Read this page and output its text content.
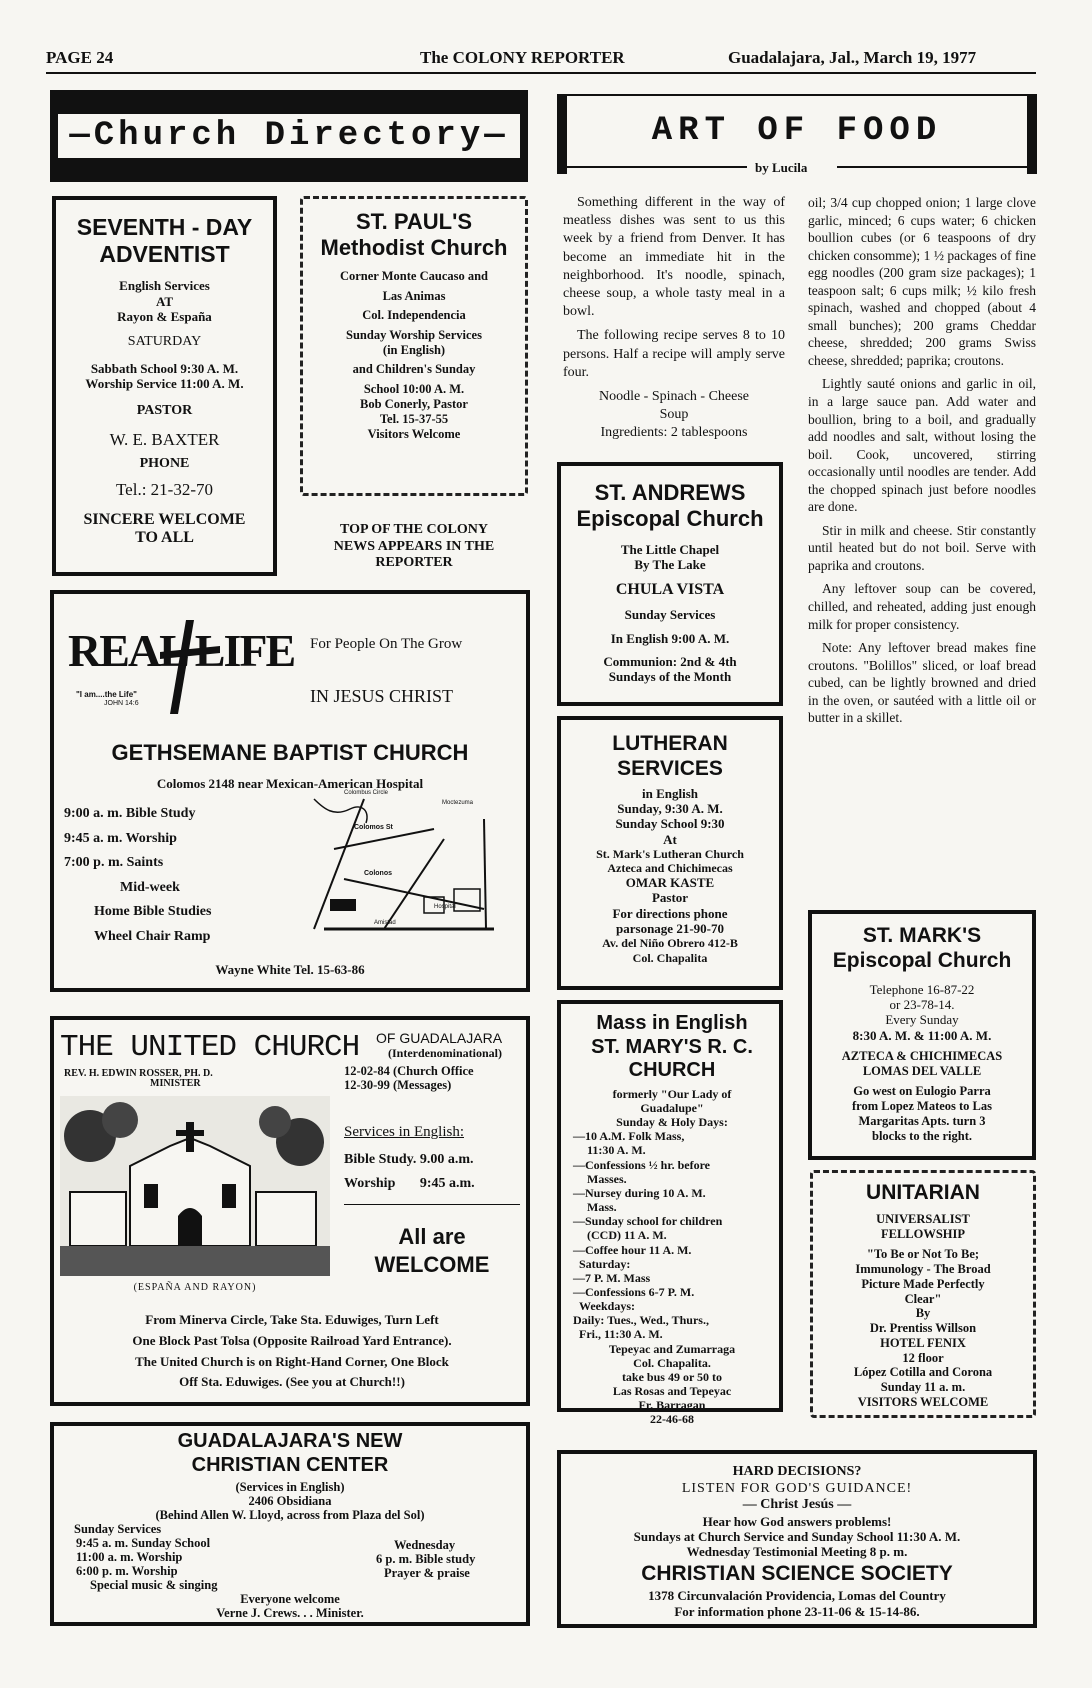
PAGE 24	The COLONY REPORTER	Guadalajara, Jal., March 19, 1977
—Church Directory—
SEVENTH - DAY
ADVENTIST
English Services
AT
Rayon & España
SATURDAY
Sabbath School 9:30 A. M.
Worship Service 11:00 A. M.
PASTOR
W. E. BAXTER
PHONE
Tel.: 21-32-70
SINCERE WELCOME
TO ALL
ST. PAUL'S
Methodist Church
Corner Monte Caucaso and
Las Animas
Col. Independencia
Sunday Worship Services
(in English)
and Children's Sunday
School 10:00 A. M.
Bob Conerly, Pastor
Tel. 15-37-55
Visitors Welcome
TOP OF THE COLONY
NEWS APPEARS IN THE
REPORTER
REAL LIFE
"I am....the Life"
JOHN 14:6
For People On The Grow
IN JESUS CHRIST
GETHSEMANE BAPTIST CHURCH
Colomos 2148 near Mexican-American Hospital
9:00 a. m. Bible Study
9:45 a. m. Worship
7:00 p. m. Saints
Mid-week
Home Bible Studies
Wheel Chair Ramp
Colombus Circle
Colomos St
Moctezuma
Hospital
Colonos
Amistad
Wayne White Tel. 15-63-86
THE UNITED CHURCH OF GUADALAJARA
(Interdenominational)
REV. H. EDWIN ROSSER, PH. D.
MINISTER
12-02-84 (Church Office
12-30-99 (Messages)
Services in English:
Bible Study. 9.00 a.m.
Worship       9:45 a.m.
All are
WELCOME
(ESPAÑA AND RAYON)
From Minerva Circle, Take Sta. Eduwiges, Turn Left
One Block Past Tolsa (Opposite Railroad Yard Entrance).
The United Church is on Right-Hand Corner, One Block
Off Sta. Eduwiges. (See you at Church!!)
GUADALAJARA'S NEW
CHRISTIAN CENTER
(Services in English)
2406 Obsidiana
(Behind Allen W. Lloyd, across from Plaza del Sol)
Sunday Services
9:45 a. m. Sunday School
11:00 a. m. Worship
6:00 p. m. Worship
Special music & singing
Wednesday
6 p. m. Bible study
Prayer & praise
Everyone welcome
Verne J. Crews. . . Minister.
ART OF FOOD
by Lucila

Something different in the way of meatless dishes was sent to us this week by a friend from Denver. It has become an immediate hit in the neighborhood. It's noodle, spinach, cheese soup, a whole tasty meal in a bowl.

The following recipe serves 8 to 10 persons. Half a recipe will amply serve four.

Noodle - Spinach - Cheese
Soup
Ingredients: 2 tablespoons

oil; 3/4 cup chopped onion; 1 large clove garlic, minced; 6 cups water; 6 chicken boullion cubes (or 6 teaspoons of dry chicken consomme); 1 ½ packages of fine egg noodles (200 gram size packages); 1 teaspoon salt; 6 cups milk; ½ kilo fresh spinach, washed and chopped (about 4 small bunches); 200 grams Cheddar cheese, shredded; 200 grams Swiss cheese, shredded; paprika; croutons.

Lightly sauté onions and garlic in oil, in a large sauce pan. Add water and boullion, bring to a boil, and gradually add noodles and salt, without losing the boil. Cook, uncovered, stirring occasionally until noodles are tender. Add the chopped spinach just before noodles are done.

Stir in milk and cheese. Stir constantly until heated but do not boil. Serve with paprika and croutons.

Any leftover soup can be covered, chilled, and reheated, adding just enough milk for proper consistency.

Note: Any leftover bread makes fine croutons. "Bolillos" sliced, or loaf bread cubed, can be lightly browned and dried in the oven, or sautéed with a little oil or butter in a skillet.

ST. ANDREWS
Episcopal Church
The Little Chapel
By The Lake
CHULA VISTA
Sunday Services
In English 9:00 A. M.
Communion: 2nd & 4th
Sundays of the Month
LUTHERAN
SERVICES
in English
Sunday, 9:30 A. M.
Sunday School 9:30
At
St. Mark's Lutheran Church
Azteca and Chichimecas
OMAR KASTE
Pastor
For directions phone
parsonage 21-90-70
Av. del Niño Obrero 412-B
Col. Chapalita
Mass in English
ST. MARY'S R. C.
CHURCH
formerly "Our Lady of
Guadalupe"
Sunday & Holy Days:
—10 A.M. Folk Mass,
11:30 A. M.
—Confessions ½ hr. before
Masses.
—Nursey during 10 A. M.
Mass.
—Sunday school for children
(CCD) 11 A. M.
—Coffee hour 11 A. M.
Saturday:
—7 P. M. Mass
—Confessions 6-7 P. M.
Weekdays:
Daily: Tues., Wed., Thurs.,
Fri., 11:30 A. M.
Tepeyac and Zumarraga
Col. Chapalita.
take bus 49 or 50 to
Las Rosas and Tepeyac
Fr. Barragan
22-46-68
ST. MARK'S
Episcopal Church
Telephone 16-87-22
or 23-78-14.
Every Sunday
8:30 A. M. & 11:00 A. M.
AZTECA & CHICHIMECAS
LOMAS DEL VALLE
Go west on Eulogio Parra
from Lopez Mateos to Las
Margaritas Apts. turn 3
blocks to the right.
UNITARIAN
UNIVERSALIST
FELLOWSHIP
"To Be or Not To Be;
Immunology - The Broad
Picture Made Perfectly
Clear"
By
Dr. Prentiss Willson
HOTEL FENIX
12 floor
López Cotilla and Corona
Sunday 11 a. m.
VISITORS WELCOME
HARD DECISIONS?
LISTEN FOR GOD'S GUIDANCE!
— Christ Jesús —
Hear how God answers problems!
Sundays at Church Service and Sunday School 11:30 A. M.
Wednesday Testimonial Meeting 8 p. m.
CHRISTIAN SCIENCE SOCIETY
1378 Circunvalación Providencia, Lomas del Country
For information phone 23-11-06 & 15-14-86.
